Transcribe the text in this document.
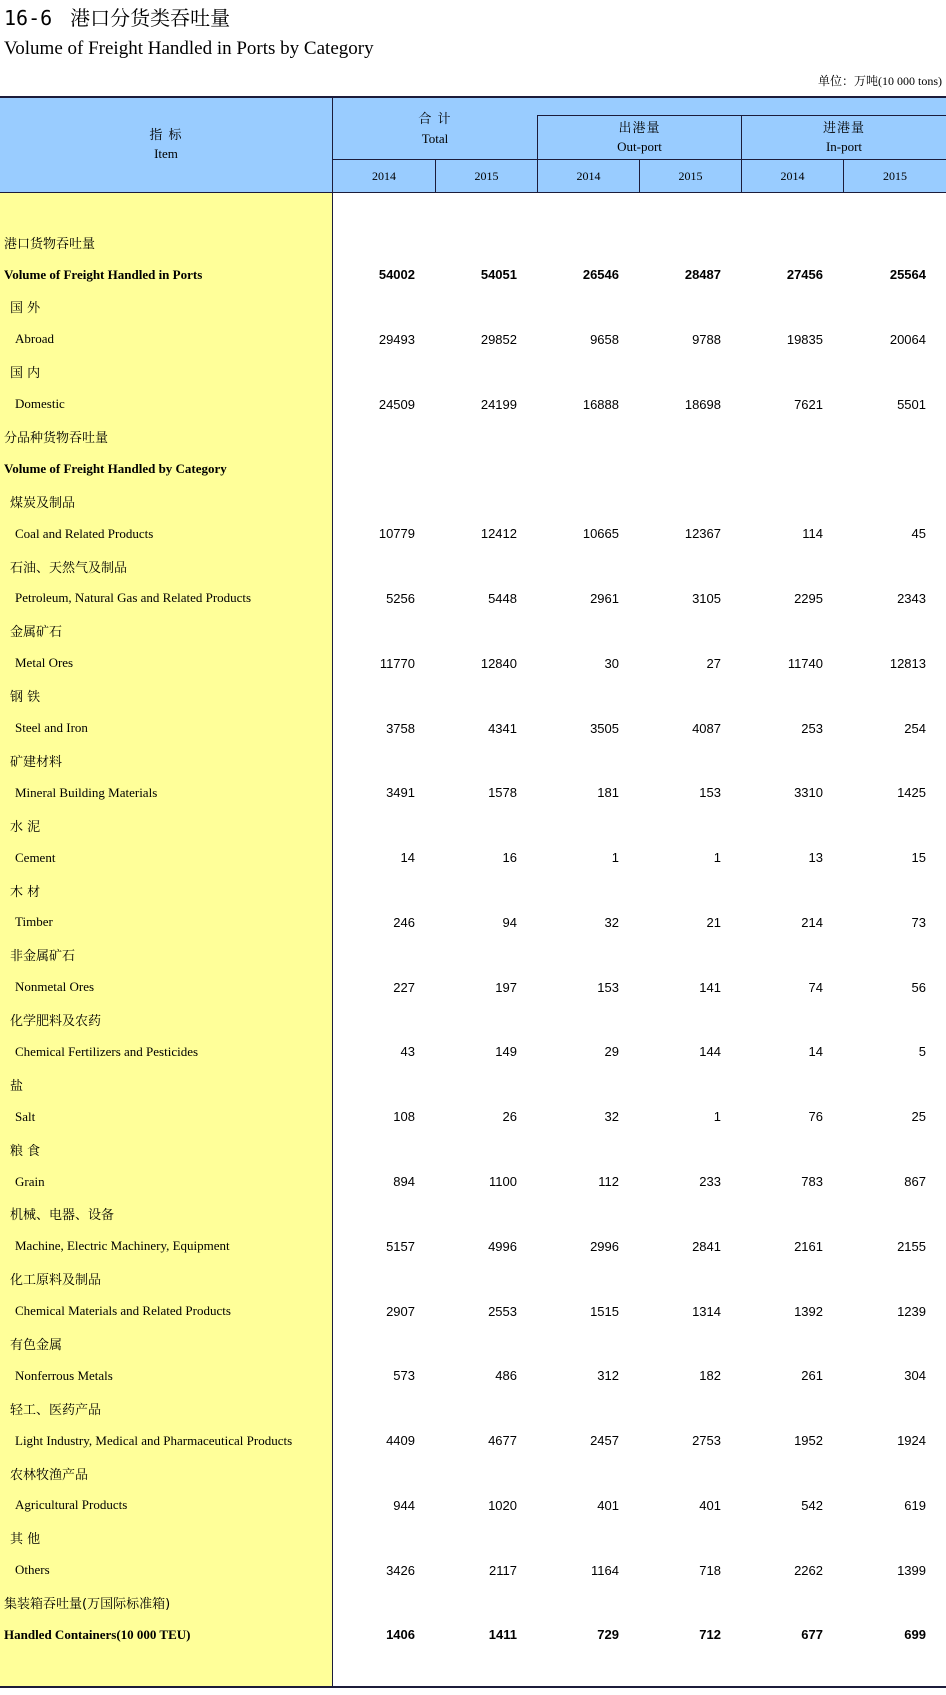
16-6 港口分货类吞吐量
Volume of Freight Handled in Ports by Category
单位：万吨(10 000 tons)
指 标
Item
合 计
Total
出港量
Out-port
进港量
In-port
2014	2015	2014	2015	2014	2015
港口货物吞吐量
Volume of Freight Handled in Ports	54002	54051	26546	28487	27456	25564
国 外
Abroad	29493	29852	9658	9788	19835	20064
国 内
Domestic	24509	24199	16888	18698	7621	5501
分品种货物吞吐量
Volume of Freight Handled by Category
煤炭及制品
Coal and Related Products	10779	12412	10665	12367	114	45
石油、天然气及制品
Petroleum, Natural Gas and Related Products	5256	5448	2961	3105	2295	2343
金属矿石
Metal Ores	11770	12840	30	27	11740	12813
钢 铁
Steel and Iron	3758	4341	3505	4087	253	254
矿建材料
Mineral Building Materials	3491	1578	181	153	3310	1425
水 泥
Cement	14	16	1	1	13	15
木 材
Timber	246	94	32	21	214	73
非金属矿石
Nonmetal Ores	227	197	153	141	74	56
化学肥料及农药
Chemical Fertilizers and Pesticides	43	149	29	144	14	5
盐
Salt	108	26	32	1	76	25
粮 食
Grain	894	1100	112	233	783	867
机械、电器、设备
Machine, Electric Machinery, Equipment	5157	4996	2996	2841	2161	2155
化工原料及制品
Chemical Materials and Related Products	2907	2553	1515	1314	1392	1239
有色金属
Nonferrous Metals	573	486	312	182	261	304
轻工、医药产品
Light Industry, Medical and Pharmaceutical Products	4409	4677	2457	2753	1952	1924
农林牧渔产品
Agricultural Products	944	1020	401	401	542	619
其 他
Others	3426	2117	1164	718	2262	1399
集装箱吞吐量(万国际标准箱)
Handled Containers(10 000 TEU)	1406	1411	729	712	677	699
